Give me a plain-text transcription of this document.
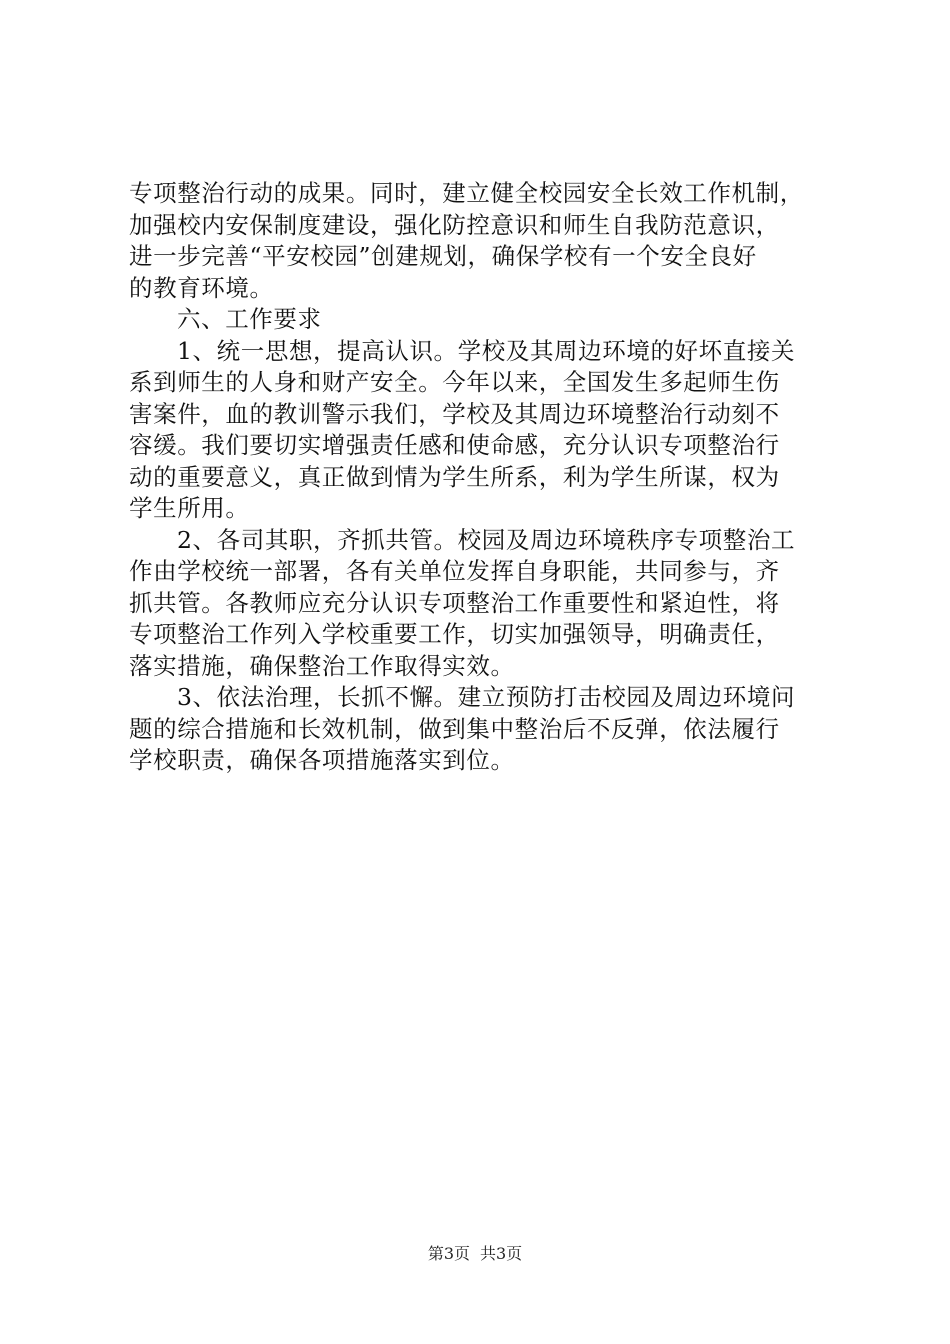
专项整治行动的成果。同时，建立健全校园安全长效工作机制，
加强校内安保制度建设，强化防控意识和师生自我防范意识，
进一步完善“平安校园”创建规划，确保学校有一个安全良好
的教育环境。
六、工作要求
1、统一思想，提高认识。学校及其周边环境的好坏直接关
系到师生的人身和财产安全。今年以来，全国发生多起师生伤
害案件，血的教训警示我们，学校及其周边环境整治行动刻不
容缓。我们要切实增强责任感和使命感，充分认识专项整治行
动的重要意义，真正做到情为学生所系，利为学生所谋，权为
学生所用。
2、各司其职，齐抓共管。校园及周边环境秩序专项整治工
作由学校统一部署，各有关单位发挥自身职能，共同参与，齐
抓共管。各教师应充分认识专项整治工作重要性和紧迫性，将
专项整治工作列入学校重要工作，切实加强领导，明确责任，
落实措施，确保整治工作取得实效。
3、依法治理，长抓不懈。建立预防打击校园及周边环境问
题的综合措施和长效机制，做到集中整治后不反弹，依法履行
学校职责，确保各项措施落实到位。
第3页 共3页
